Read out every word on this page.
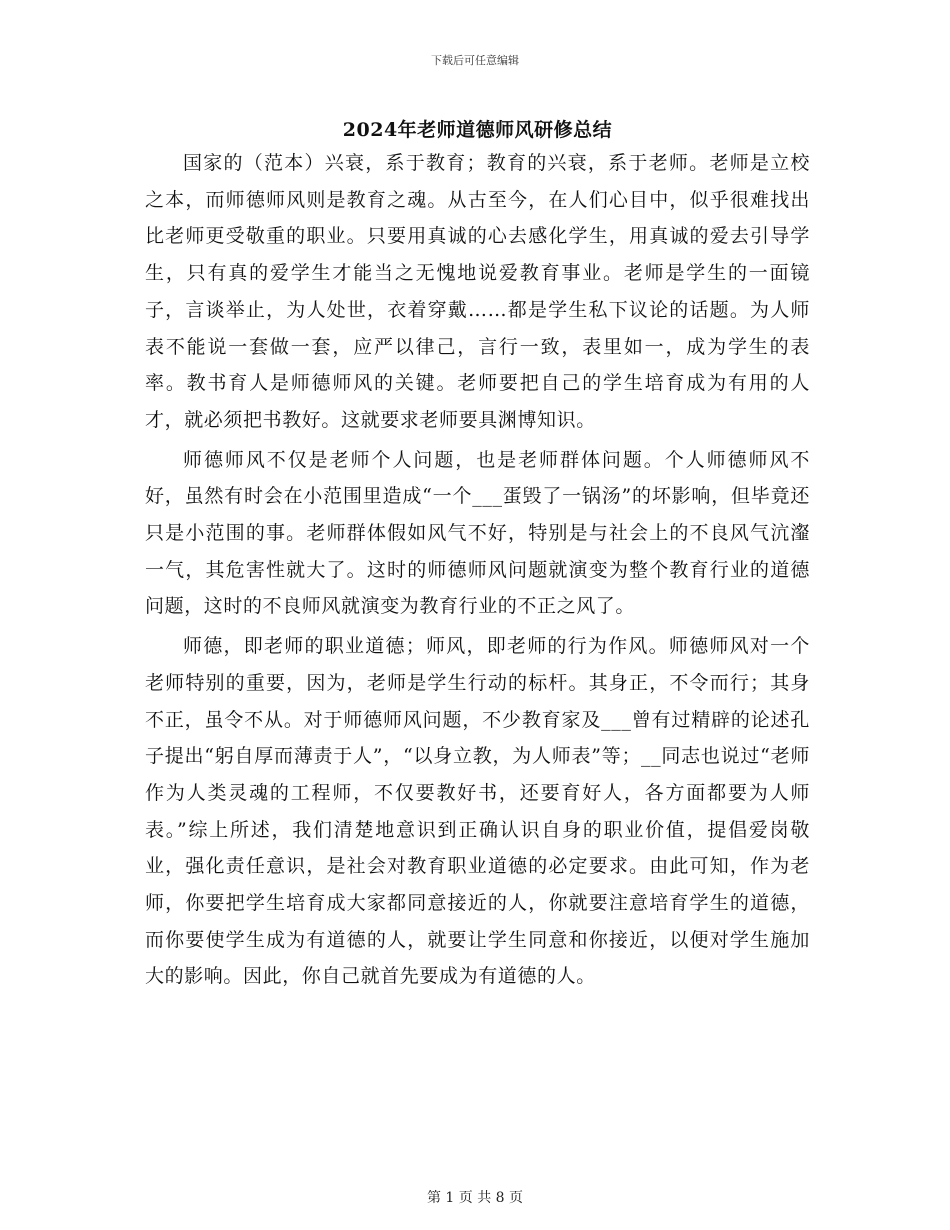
下载后可任意编辑
2024年老师道德师风研修总结

国家的（范本）兴衰，系于教育；教育的兴衰，系于老师。老师是立校之本，而师德师风则是教育之魂。从古至今，在人们心目中，似乎很难找出比老师更受敬重的职业。只要用真诚的心去感化学生，用真诚的爱去引导学生，只有真的爱学生才能当之无愧地说爱教育事业。老师是学生的一面镜子，言谈举止，为人处世，衣着穿戴……都是学生私下议论的话题。为人师表不能说一套做一套，应严以律己，言行一致，表里如一，成为学生的表率。教书育人是师德师风的关键。老师要把自己的学生培育成为有用的人才，就必须把书教好。这就要求老师要具渊博知识。

师德师风不仅是老师个人问题，也是老师群体问题。个人师德师风不好，虽然有时会在小范围里造成“一个___蛋毁了一锅汤”的坏影响，但毕竟还只是小范围的事。老师群体假如风气不好，特别是与社会上的不良风气沆瀣一气，其危害性就大了。这时的师德师风问题就演变为整个教育行业的道德问题，这时的不良师风就演变为教育行业的不正之风了。

师德，即老师的职业道德；师风，即老师的行为作风。师德师风对一个老师特别的重要，因为，老师是学生行动的标杆。其身正，不令而行；其身不正，虽令不从。对于师德师风问题，不少教育家及___曾有过精辟的论述孔子提出“躬自厚而薄责于人”，“以身立教，为人师表”等；__同志也说过“老师作为人类灵魂的工程师，不仅要教好书，还要育好人，各方面都要为人师表。”综上所述，我们清楚地意识到正确认识自身的职业价值，提倡爱岗敬业，强化责任意识，是社会对教育职业道德的必定要求。由此可知，作为老师，你要把学生培育成大家都同意接近的人，你就要注意培育学生的道德，而你要使学生成为有道德的人，就要让学生同意和你接近，以便对学生施加大的影响。因此，你自己就首先要成为有道德的人。

第 1 页 共 8 页
